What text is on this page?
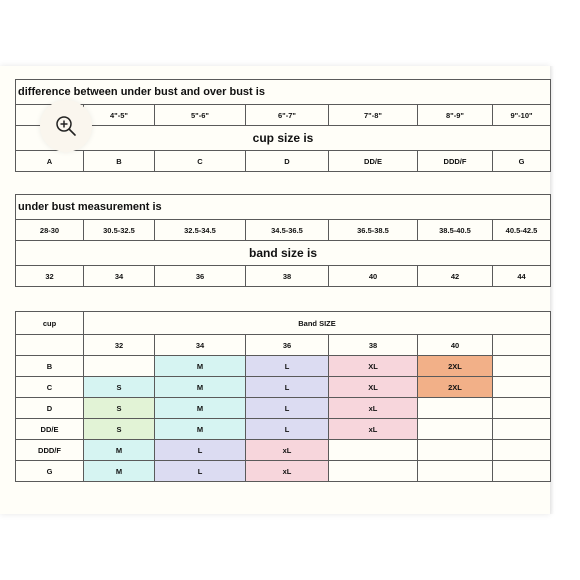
difference between under bust and over bust is						
	4"-5"	5"-6"	6"-7"	7"-8"	8"-9"	9"-10"
cup size is						
A	B	C	D	DD/E	DDD/F	G

under bust measurement is						
28-30	30.5-32.5	32.5-34.5	34.5-36.5	36.5-38.5	38.5-40.5	40.5-42.5
band size is						
32	34	36	38	40	42	44

cup	Band SIZE					
	32	34	36	38	40	
B		M	L	XL	2XL	
C	S	M	L	XL	2XL	
D	S	M	L	xL		
DD/E	S	M	L	xL		
DDD/F	M	L	xL			
G	M	L	xL			
